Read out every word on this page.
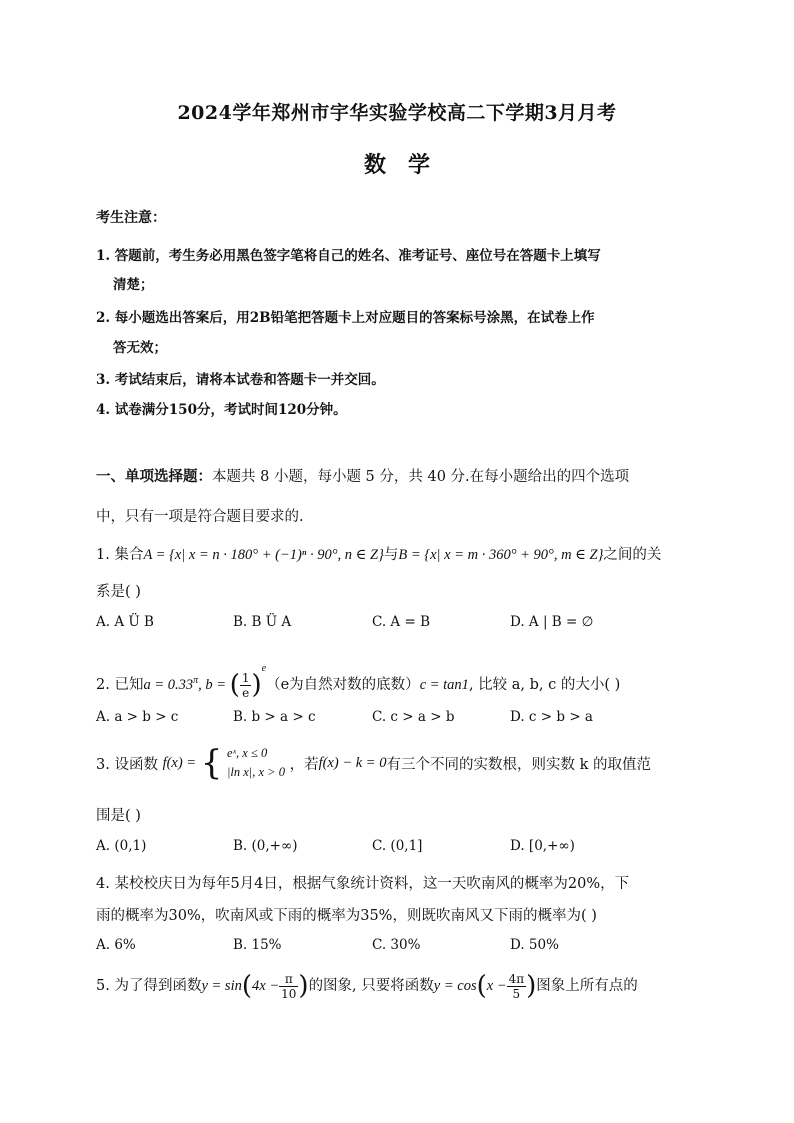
2024学年郑州市宇华实验学校高二下学期3月月考
数学
考生注意：
1. 答题前，考生务必用黑色签字笔将自己的姓名、准考证号、座位号在答题卡上填写
清楚；
2. 每小题选出答案后，用2B铅笔把答题卡上对应题目的答案标号涂黑，在试卷上作
答无效；
3. 考试结束后，请将本试卷和答题卡一并交回。
4. 试卷满分150分，考试时间120分钟。
一、单项选择题：本题共 8 小题，每小题 5 分，共 40 分.在每小题给出的四个选项
中，只有一项是符合题目要求的.
1. 集合A = {x| x = n · 180° + (−1)ⁿ · 90°, n ∈ Z}与B = {x| x = m · 360° + 90°, m ∈ Z}之间的关
系是( )
A. A Ü B	B. B Ü A	C. A = B	D. A | B = ∅
2. 已知$a = 0.33^\pi$, b = ( $\frac{1}{e} )^e(e$为自然对数的底数）c = tan1, 比较 a, b, c 的大小( )
A. a > b > c	B. b > a > c	C. c > a > b	D. c > b > a
3. 设函数 f(x) = { eˣ, x ≤ 0
|ln x|, x > 0 ，若f(x) − k = 0有三个不同的实数根，则实数 k 的取值范
围是( )
A. (0,1)	B. (0,+∞)	C. (0,1]	D. [0,+∞)
4. 某校校庆日为每年5月4日，根据气象统计资料，这一天吹南风的概率为20%，下
雨的概率为30%，吹南风或下雨的概率为35%，则既吹南风又下雨的概率为( )
A. 6%	B. 15%	C. 30%	D. 50%
5. 为了得到函数$y = \sin(4x - \frac{\pi}{10}$ )的图象, 只要将函数$y = \cos(x - \frac{4\pi}{5}$ )图象上所有点的
